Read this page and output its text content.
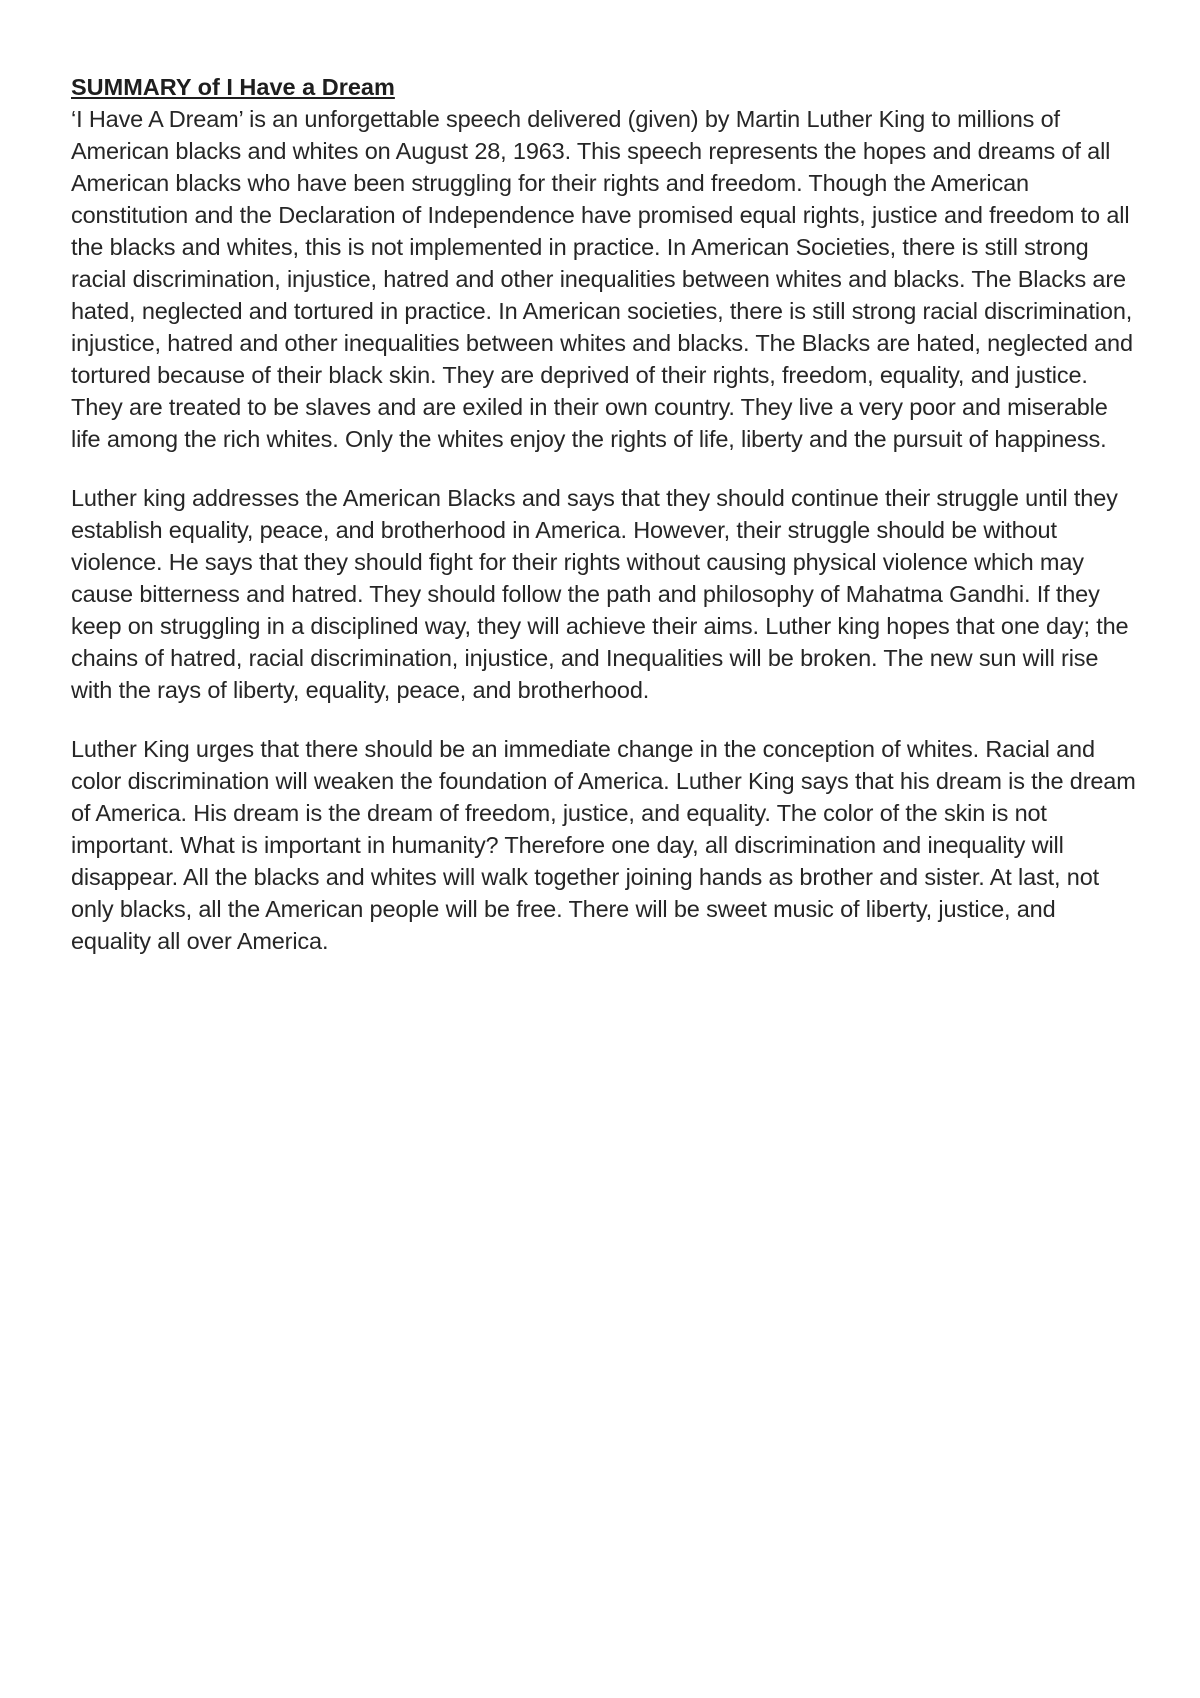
SUMMARY of I Have a Dream

‘I Have A Dream’ is an unforgettable speech delivered (given) by Martin Luther King to millions of American blacks and whites on August 28, 1963. This speech represents the hopes and dreams of all American blacks who have been struggling for their rights and freedom. Though the American constitution and the Declaration of Independence have promised equal rights, justice and freedom to all the blacks and whites, this is not implemented in practice. In American Societies, there is still strong racial discrimination, injustice, hatred and other inequalities between whites and blacks. The Blacks are hated, neglected and tortured in practice. In American societies, there is still strong racial discrimination, injustice, hatred and other inequalities between whites and blacks. The Blacks are hated, neglected and tortured because of their black skin. They are deprived of their rights, freedom, equality, and justice. They are treated to be slaves and are exiled in their own country. They live a very poor and miserable life among the rich whites. Only the whites enjoy the rights of life, liberty and the pursuit of happiness.

Luther king addresses the American Blacks and says that they should continue their struggle until they establish equality, peace, and brotherhood in America. However, their struggle should be without violence. He says that they should fight for their rights without causing physical violence which may cause bitterness and hatred. They should follow the path and philosophy of Mahatma Gandhi. If they keep on struggling in a disciplined way, they will achieve their aims. Luther king hopes that one day; the chains of hatred, racial discrimination, injustice, and Inequalities will be broken. The new sun will rise with the rays of liberty, equality, peace, and brotherhood.

Luther King urges that there should be an immediate change in the conception of whites. Racial and color discrimination will weaken the foundation of America. Luther King says that his dream is the dream of America. His dream is the dream of freedom, justice, and equality. The color of the skin is not important. What is important in humanity? Therefore one day, all discrimination and inequality will disappear. All the blacks and whites will walk together joining hands as brother and sister. At last, not only blacks, all the American people will be free. There will be sweet music of liberty, justice, and equality all over America.
